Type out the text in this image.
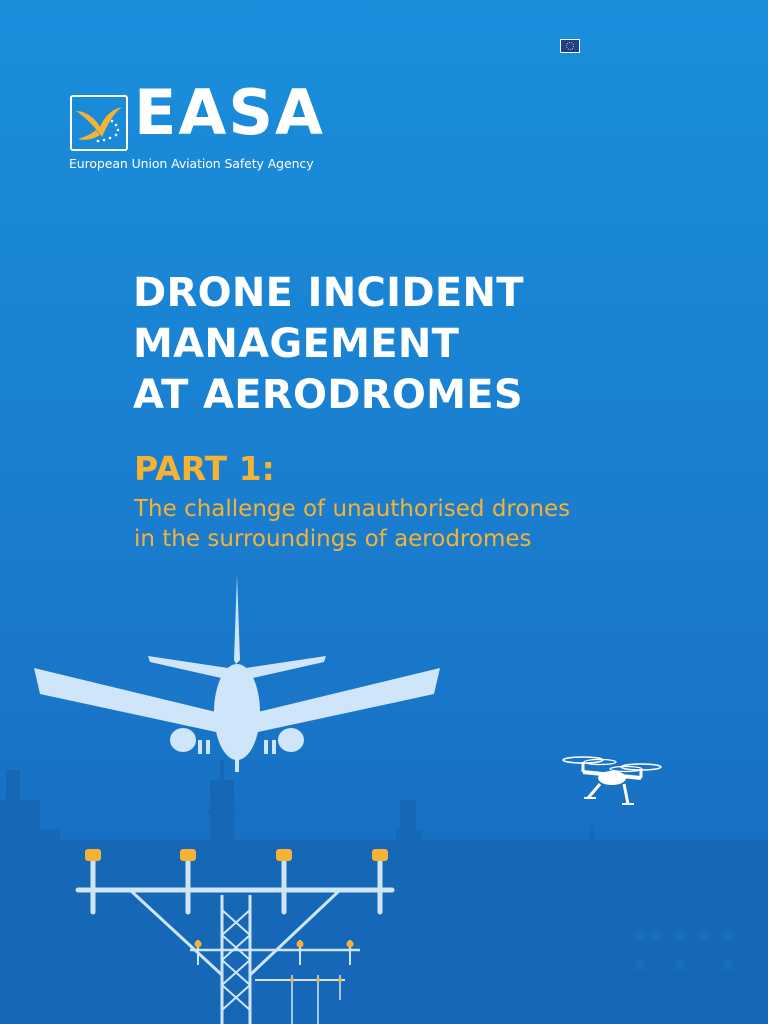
EASA
European Union Aviation Safety Agency
DRONE INCIDENT
MANAGEMENT
AT AERODROMES
PART 1:
The challenge of unauthorised drones
in the surroundings of aerodromes
